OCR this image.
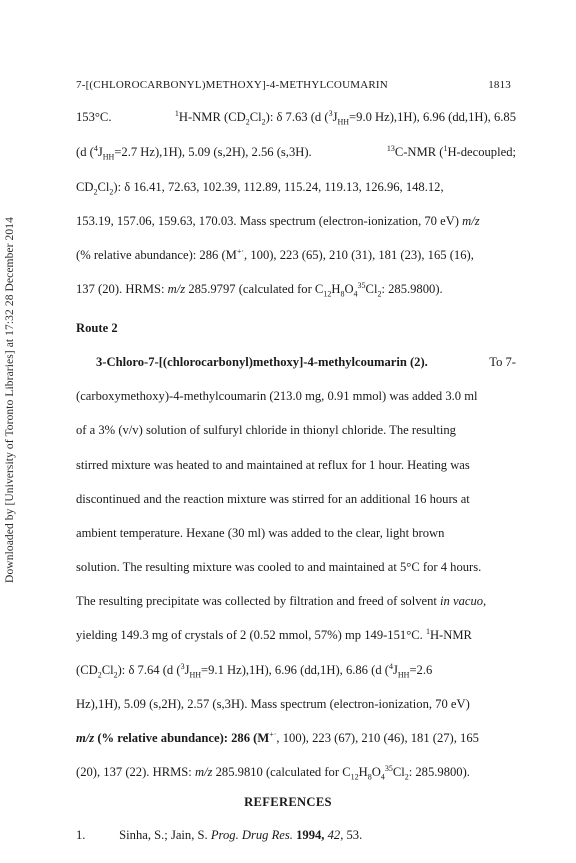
Downloaded by [University of Toronto Libraries] at 17:32 28 December 2014
7-[(CHLOROCARBONYL)METHOXY]-4-METHYLCOUMARIN	1813
153°C.	$^1$H-NMR $(CD_2Cl_2)$: δ 7.63 (d ($^3J_{HH}=9.0$ Hz),1H), 6.96 (dd,1H), 6.85
(d ($^4J_{HH}=2.7$ Hz),1H), 5.09 (s,2H), 2.56 (s,3H).	$^{13}$C-NMR ($^1$H-decoupled;
$CD_2Cl_2$): δ 16.41, 72.63, 102.39, 112.89, 115.24, 119.13, 126.96, 148.12,
153.19, 157.06, 159.63, 170.03. Mass spectrum (electron-ionization, 70 eV) m/z
(% relative abundance): 286 (M+·, 100), 223 (65), 210 (31), 181 (23), 165 (16),
137 (20). HRMS: m/z 285.9797 (calculated for $C_{12}H_8O_4^{35}Cl_2$: 285.9800).
Route 2
3-Chloro-7-[(chlorocarbonyl)methoxy]-4-methylcoumarin (2).	To 7-
(carboxymethoxy)-4-methylcoumarin (213.0 mg, 0.91 mmol) was added 3.0 ml
of a 3% (v/v) solution of sulfuryl chloride in thionyl chloride. The resulting
stirred mixture was heated to and maintained at reflux for 1 hour. Heating was
discontinued and the reaction mixture was stirred for an additional 16 hours at
ambient temperature. Hexane (30 ml) was added to the clear, light brown
solution. The resulting mixture was cooled to and maintained at 5°C for 4 hours.
The resulting precipitate was collected by filtration and freed of solvent in vacuo,
yielding 149.3 mg of crystals of 2 (0.52 mmol, 57%) mp 149-151°C. $^1$H-NMR
$(CD_2Cl_2)$: δ 7.64 (d ($^3J_{HH}=9.1$ Hz),1H), 6.96 (dd,1H), 6.86 (d ($^4J_{HH}=2.6$
Hz),1H), 5.09 (s,2H), 2.57 (s,3H). Mass spectrum (electron-ionization, 70 eV)
m/z (% relative abundance): 286 (M+·, 100), 223 (67), 210 (46), 181 (27), 165
REFERENCES
1.	Sinha, S.; Jain, S. Prog. Drug Res. 1994, 42, 53.
(20), 137 (22). HRMS: m/z 285.9810 (calculated for $C_{12}H_8O_4^{35}Cl_2$: 285.9800).
